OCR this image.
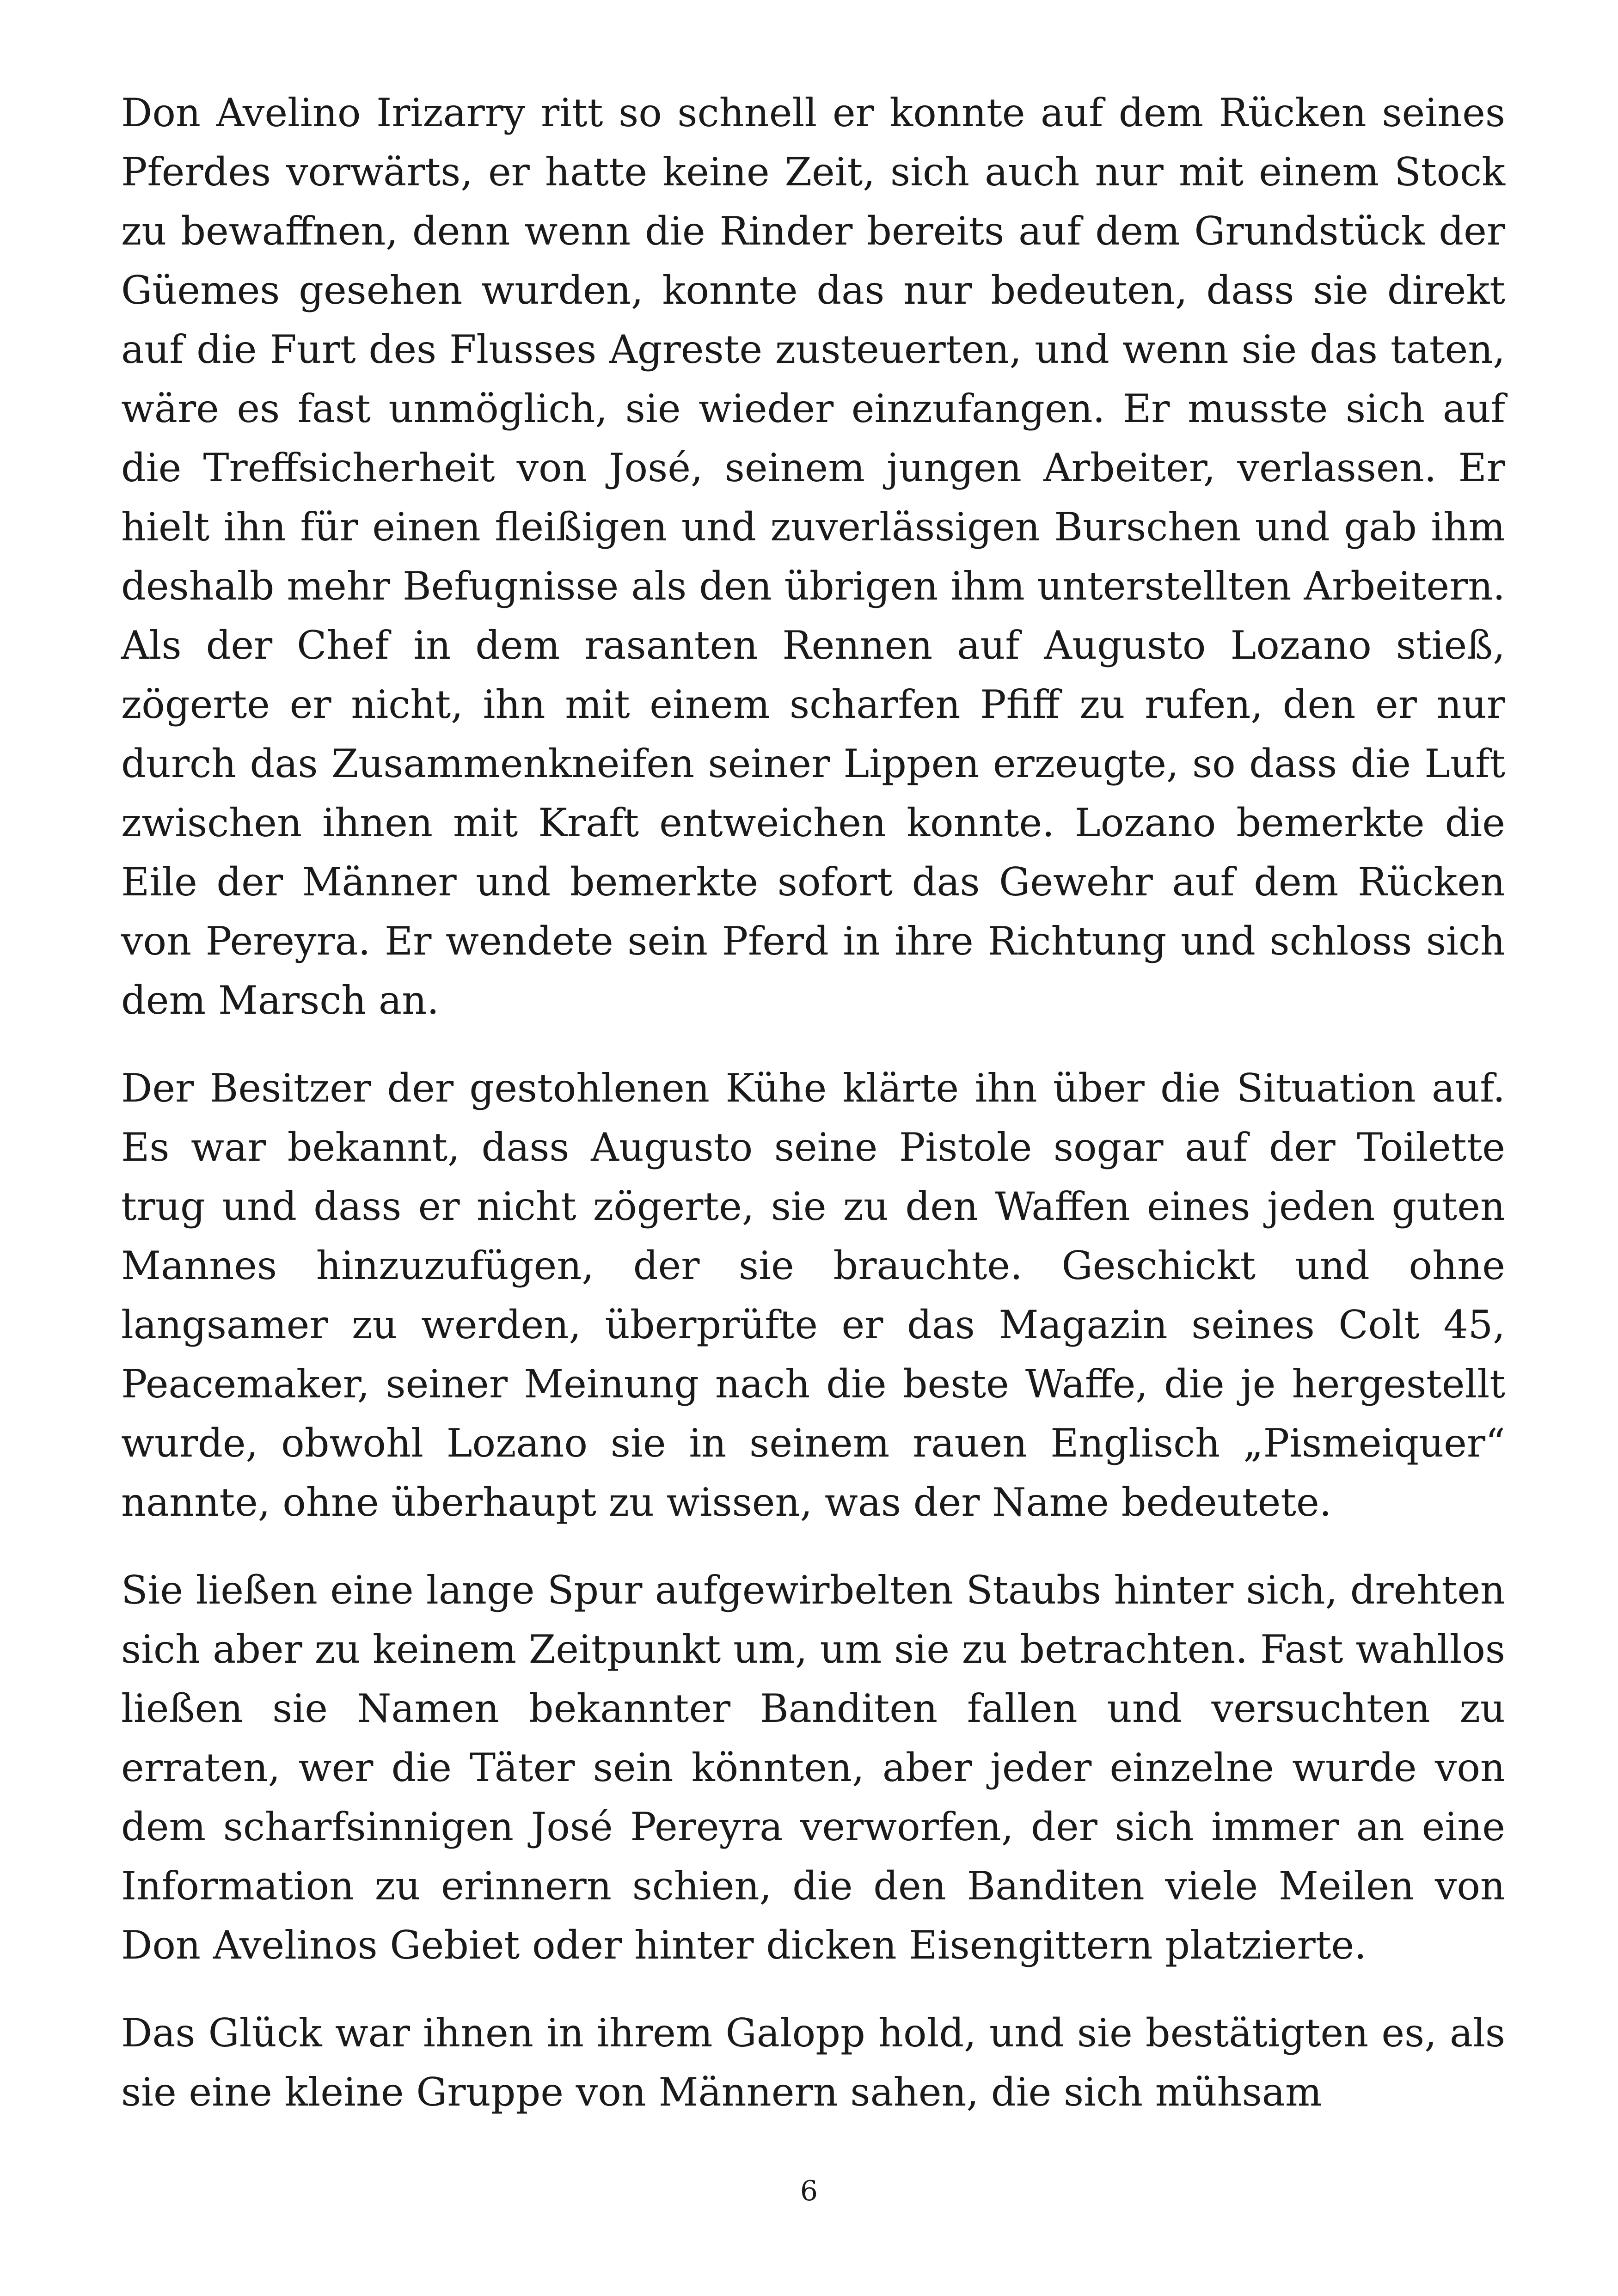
Don Avelino Irizarry ritt so schnell er konnte auf dem Rücken seines Pferdes vorwärts, er hatte keine Zeit, sich auch nur mit einem Stock zu bewaffnen, denn wenn die Rinder bereits auf dem Grundstück der Güemes gesehen wurden, konnte das nur bedeuten, dass sie direkt auf die Furt des Flusses Agreste zusteuerten, und wenn sie das taten, wäre es fast unmöglich, sie wieder einzufangen. Er musste sich auf die Treffsicherheit von José, seinem jungen Arbeiter, verlassen. Er hielt ihn für einen fleißigen und zuverlässigen Burschen und gab ihm deshalb mehr Befugnisse als den übrigen ihm unterstellten Arbeitern. Als der Chef in dem rasanten Rennen auf Augusto Lozano stieß, zögerte er nicht, ihn mit einem scharfen Pfiff zu rufen, den er nur durch das Zusammenkneifen seiner Lippen erzeugte, so dass die Luft zwischen ihnen mit Kraft entweichen konnte. Lozano bemerkte die Eile der Männer und bemerkte sofort das Gewehr auf dem Rücken von Pereyra. Er wendete sein Pferd in ihre Richtung und schloss sich dem Marsch an.

Der Besitzer der gestohlenen Kühe klärte ihn über die Situation auf. Es war bekannt, dass Augusto seine Pistole sogar auf der Toilette trug und dass er nicht zögerte, sie zu den Waffen eines jeden guten Mannes hinzuzufügen, der sie brauchte. Geschickt und ohne langsamer zu werden, überprüfte er das Magazin seines Colt 45, Peacemaker, seiner Meinung nach die beste Waffe, die je hergestellt wurde, obwohl Lozano sie in seinem rauen Englisch „Pismeiquer“ nannte, ohne überhaupt zu wissen, was der Name bedeutete.

Sie ließen eine lange Spur aufgewirbelten Staubs hinter sich, drehten sich aber zu keinem Zeitpunkt um, um sie zu betrachten. Fast wahllos ließen sie Namen bekannter Banditen fallen und versuchten zu erraten, wer die Täter sein könnten, aber jeder einzelne wurde von dem scharfsinnigen José Pereyra verworfen, der sich immer an eine Information zu erinnern schien, die den Banditen viele Meilen von Don Avelinos Gebiet oder hinter dicken Eisengittern platzierte.

Das Glück war ihnen in ihrem Galopp hold, und sie bestätigten es, als sie eine kleine Gruppe von Männern sahen, die sich mühsam

6
